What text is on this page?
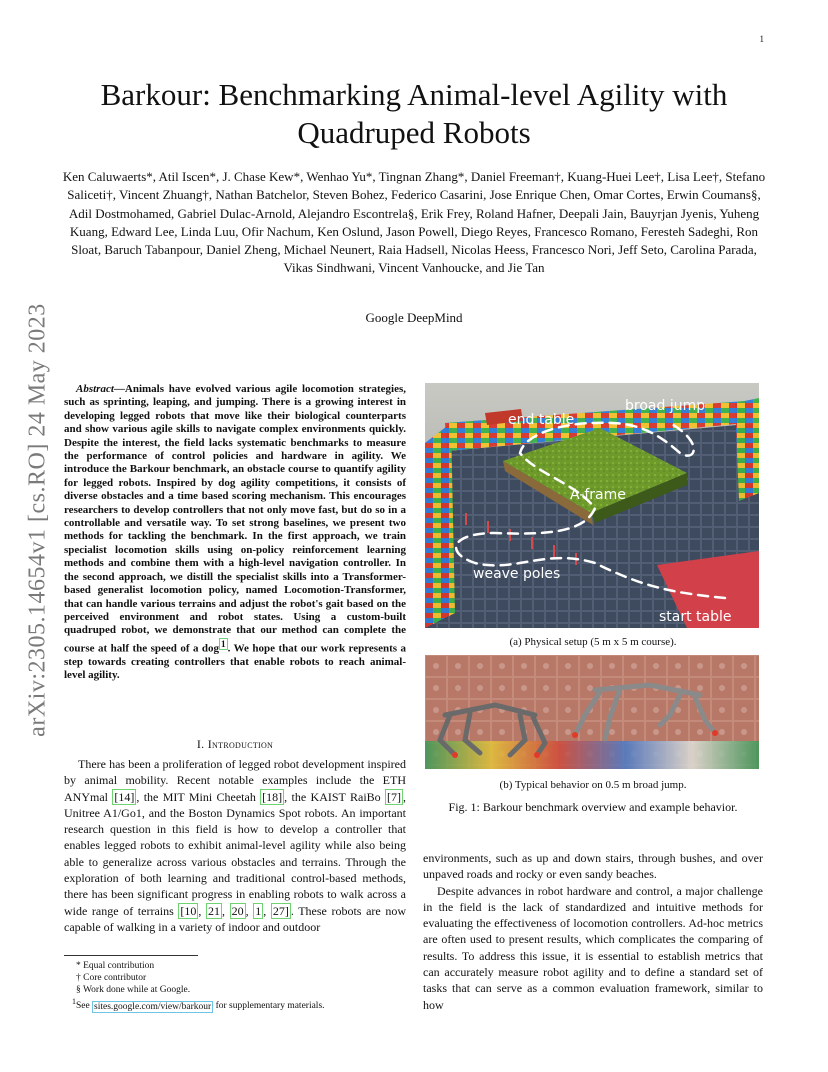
1
arXiv:2305.14654v1 [cs.RO] 24 May 2023
Barkour: Benchmarking Animal-level Agility with Quadruped Robots
Ken Caluwaerts*, Atil Iscen*, J. Chase Kew*, Wenhao Yu*, Tingnan Zhang*, Daniel Freeman†, Kuang-Huei Lee†, Lisa Lee†, Stefano Saliceti†, Vincent Zhuang†, Nathan Batchelor, Steven Bohez, Federico Casarini, Jose Enrique Chen, Omar Cortes, Erwin Coumans§, Adil Dostmohamed, Gabriel Dulac-Arnold, Alejandro Escontrela§, Erik Frey, Roland Hafner, Deepali Jain, Bauyrjan Jyenis, Yuheng Kuang, Edward Lee, Linda Luu, Ofir Nachum, Ken Oslund, Jason Powell, Diego Reyes, Francesco Romano, Feresteh Sadeghi, Ron Sloat, Baruch Tabanpour, Daniel Zheng, Michael Neunert, Raia Hadsell, Nicolas Heess, Francesco Nori, Jeff Seto, Carolina Parada, Vikas Sindhwani, Vincent Vanhoucke, and Jie Tan
Google DeepMind

Abstract—Animals have evolved various agile locomotion strategies, such as sprinting, leaping, and jumping. There is a growing interest in developing legged robots that move like their biological counterparts and show various agile skills to navigate complex environments quickly. Despite the interest, the field lacks systematic benchmarks to measure the performance of control policies and hardware in agility. We introduce the Barkour benchmark, an obstacle course to quantify agility for legged robots. Inspired by dog agility competitions, it consists of diverse obstacles and a time based scoring mechanism. This encourages researchers to develop controllers that not only move fast, but do so in a controllable and versatile way. To set strong baselines, we present two methods for tackling the benchmark. In the first approach, we train specialist locomotion skills using on-policy reinforcement learning methods and combine them with a high-level navigation controller. In the second approach, we distill the specialist skills into a Transformer-based generalist locomotion policy, named Locomotion-Transformer, that can handle various terrains and adjust the robot's gait based on the perceived environment and robot states. Using a custom-built quadruped robot, we demonstrate that our method can complete the course at half the speed of a dog $^1$ . We hope that our work represents a step towards creating controllers that enable robots to reach animal-level agility.

I. Introduction

There has been a proliferation of legged robot development inspired by animal mobility. Recent notable examples include the ETH ANYmal [14] , the MIT Mini Cheetah [18] , the KAIST RaiBo [7] , Unitree A1/Go1, and the Boston Dynamics Spot robots. An important research question in this field is how to develop a controller that enables legged robots to exhibit animal-level agility while also being able to generalize across various obstacles and terrains. Through the exploration of both learning and traditional control-based methods, there has been significant progress in enabling robots to walk across a wide range of terrains [10 , 21 , 20 , 1 , 27] . These robots are now capable of walking in a variety of indoor and outdoor

* Equal contribution
† Core contributor
§ Work done while at Google.
$^1$See sites.google.com/view/barkour for supplementary materials.
broad jump
end table
A-frame
weave poles
start table
(a) Physical setup (5 m x 5 m course).
(b) Typical behavior on 0.5 m broad jump.
Fig. 1: Barkour benchmark overview and example behavior.

environments, such as up and down stairs, through bushes, and over unpaved roads and rocky or even sandy beaches.

Despite advances in robot hardware and control, a major challenge in the field is the lack of standardized and intuitive methods for evaluating the effectiveness of locomotion controllers. Ad-hoc metrics are often used to present results, which complicates the comparing of results. To address this issue, it is essential to establish metrics that can accurately measure robot agility and to define a standard set of tasks that can serve as a common evaluation framework, similar to how
